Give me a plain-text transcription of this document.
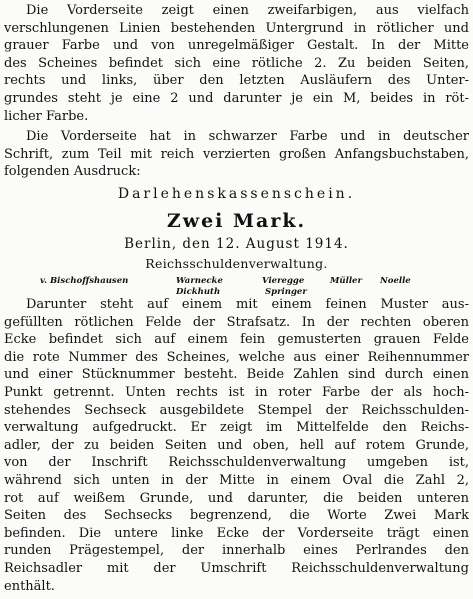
Die Vorderseite zeigt einen zweifarbigen, aus vielfach
verschlungenen Linien bestehenden Untergrund in rötlicher und
grauer Farbe und von unregelmäßiger Gestalt. In der Mitte
des Scheines befindet sich eine rötliche 2. Zu beiden Seiten,
rechts und links, über den letzten Ausläufern des Unter-
grundes steht je eine 2 und darunter je ein M, beides in röt-
licher Farbe.
Die Vorderseite hat in schwarzer Farbe und in deutscher
Schrift, zum Teil mit reich verzierten großen Anfangsbuchstaben,
folgenden Ausdruck:
Darlehenskassenschein.
Zwei Mark.
Berlin, den 12. August 1914.
Reichsschuldenverwaltung.
v. Bischoffshausen	Warnecke	Vieregge	Müller Noelle
Dickhuth	Springer
Darunter steht auf einem mit einem feinen Muster aus-
gefüllten rötlichen Felde der Strafsatz. In der rechten oberen
Ecke befindet sich auf einem fein gemusterten grauen Felde
die rote Nummer des Scheines, welche aus einer Reihennummer
und einer Stücknummer besteht. Beide Zahlen sind durch einen
Punkt getrennt. Unten rechts ist in roter Farbe der als hoch-
stehendes Sechseck ausgebildete Stempel der Reichsschulden-
verwaltung aufgedruckt. Er zeigt im Mittelfelde den Reichs-
adler, der zu beiden Seiten und oben, hell auf rotem Grunde,
von der Inschrift Reichsschuldenverwaltung umgeben ist,
während sich unten in der Mitte in einem Oval die Zahl 2,
rot auf weißem Grunde, und darunter, die beiden unteren
Seiten des Sechsecks begrenzend, die Worte Zwei Mark
befinden. Die untere linke Ecke der Vorderseite trägt einen
runden Prägestempel, der innerhalb eines Perlrandes den
Reichsadler mit der Umschrift Reichsschuldenverwaltung
enthält.
